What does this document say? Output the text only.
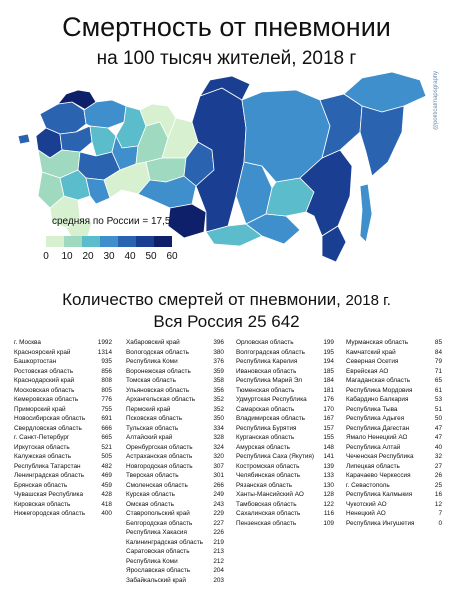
Смертность от пневмонии
на 100 тысяч жителей, 2018 г
@politicalmapsgraphy
средняя по России = 17,5
0 10 20 30 40 50 60
Количество смертей от пневмонии, 2018 г.
Вся Россия 25 642
г. Москва	1992
Красноярский край	1314
Башкортостан	935
Ростовская область	856
Краснодарский край	808
Московская область	805
Кемеровская область	776
Приморский край	755
Новосибирская область	691
Свердловская область	666
г. Санкт-Петербург	665
Иркутская область	521
Калужская область	505
Республика Татарстан	482
Ленинградская область	469
Брянская область	459
Чувашская Республика	428
Кировская область	418
Нижегородская область	400
Хабаровский край	396
Вологодская область	380
Республика Коми	376
Воронежская область	359
Томская область	358
Ульяновская область	356
Архангельская область	352
Пермский край	352
Псковская область	350
Тульская область	334
Алтайский край	328
Оренбургская область	324
Астраханская область	320
Новгородская область	307
Тверская область	301
Смоленская область	266
Курская область	249
Омская область	243
Ставропольский край	229
Белгородская область	227
Республика Хакасия	226
Калининградская область	219
Саратовская область	213
Республика Коми	212
Ярославская область	204
Забайкальский край	203
Орловская область	199
Волгоградская область	195
Республика Карелия	194
Ивановская область	185
Республика Марий Эл	184
Тюменская область	181
Удмуртская Республика	176
Самарская область	170
Владимирская область	167
Республика Бурятия	157
Курганская область	155
Амурская область	148
Республика Саха (Якутия)	141
Костромская область	139
Челябинская область	133
Рязанская область	130
Ханты-Мансийский АО	128
Тамбовская область	122
Сахалинская область	116
Пензенская область	109
Мурманская область	85
Камчатский край	84
Северная Осетия	79
Еврейская АО	71
Магаданская область	65
Республика Мордовия	61
Кабардино Балкария	53
Республика Тыва	51
Республика Адыгея	50
Республика Дагестан	47
Ямало Ненецкий АО	47
Республика Алтай	40
Чеченская Республика	32
Липецкая область	27
Карачаево Черкессия	26
г. Севастополь	25
Республика Калмыкия	16
Чукотский АО	12
Ненецкий АО	7
Республика Ингушетия	0
